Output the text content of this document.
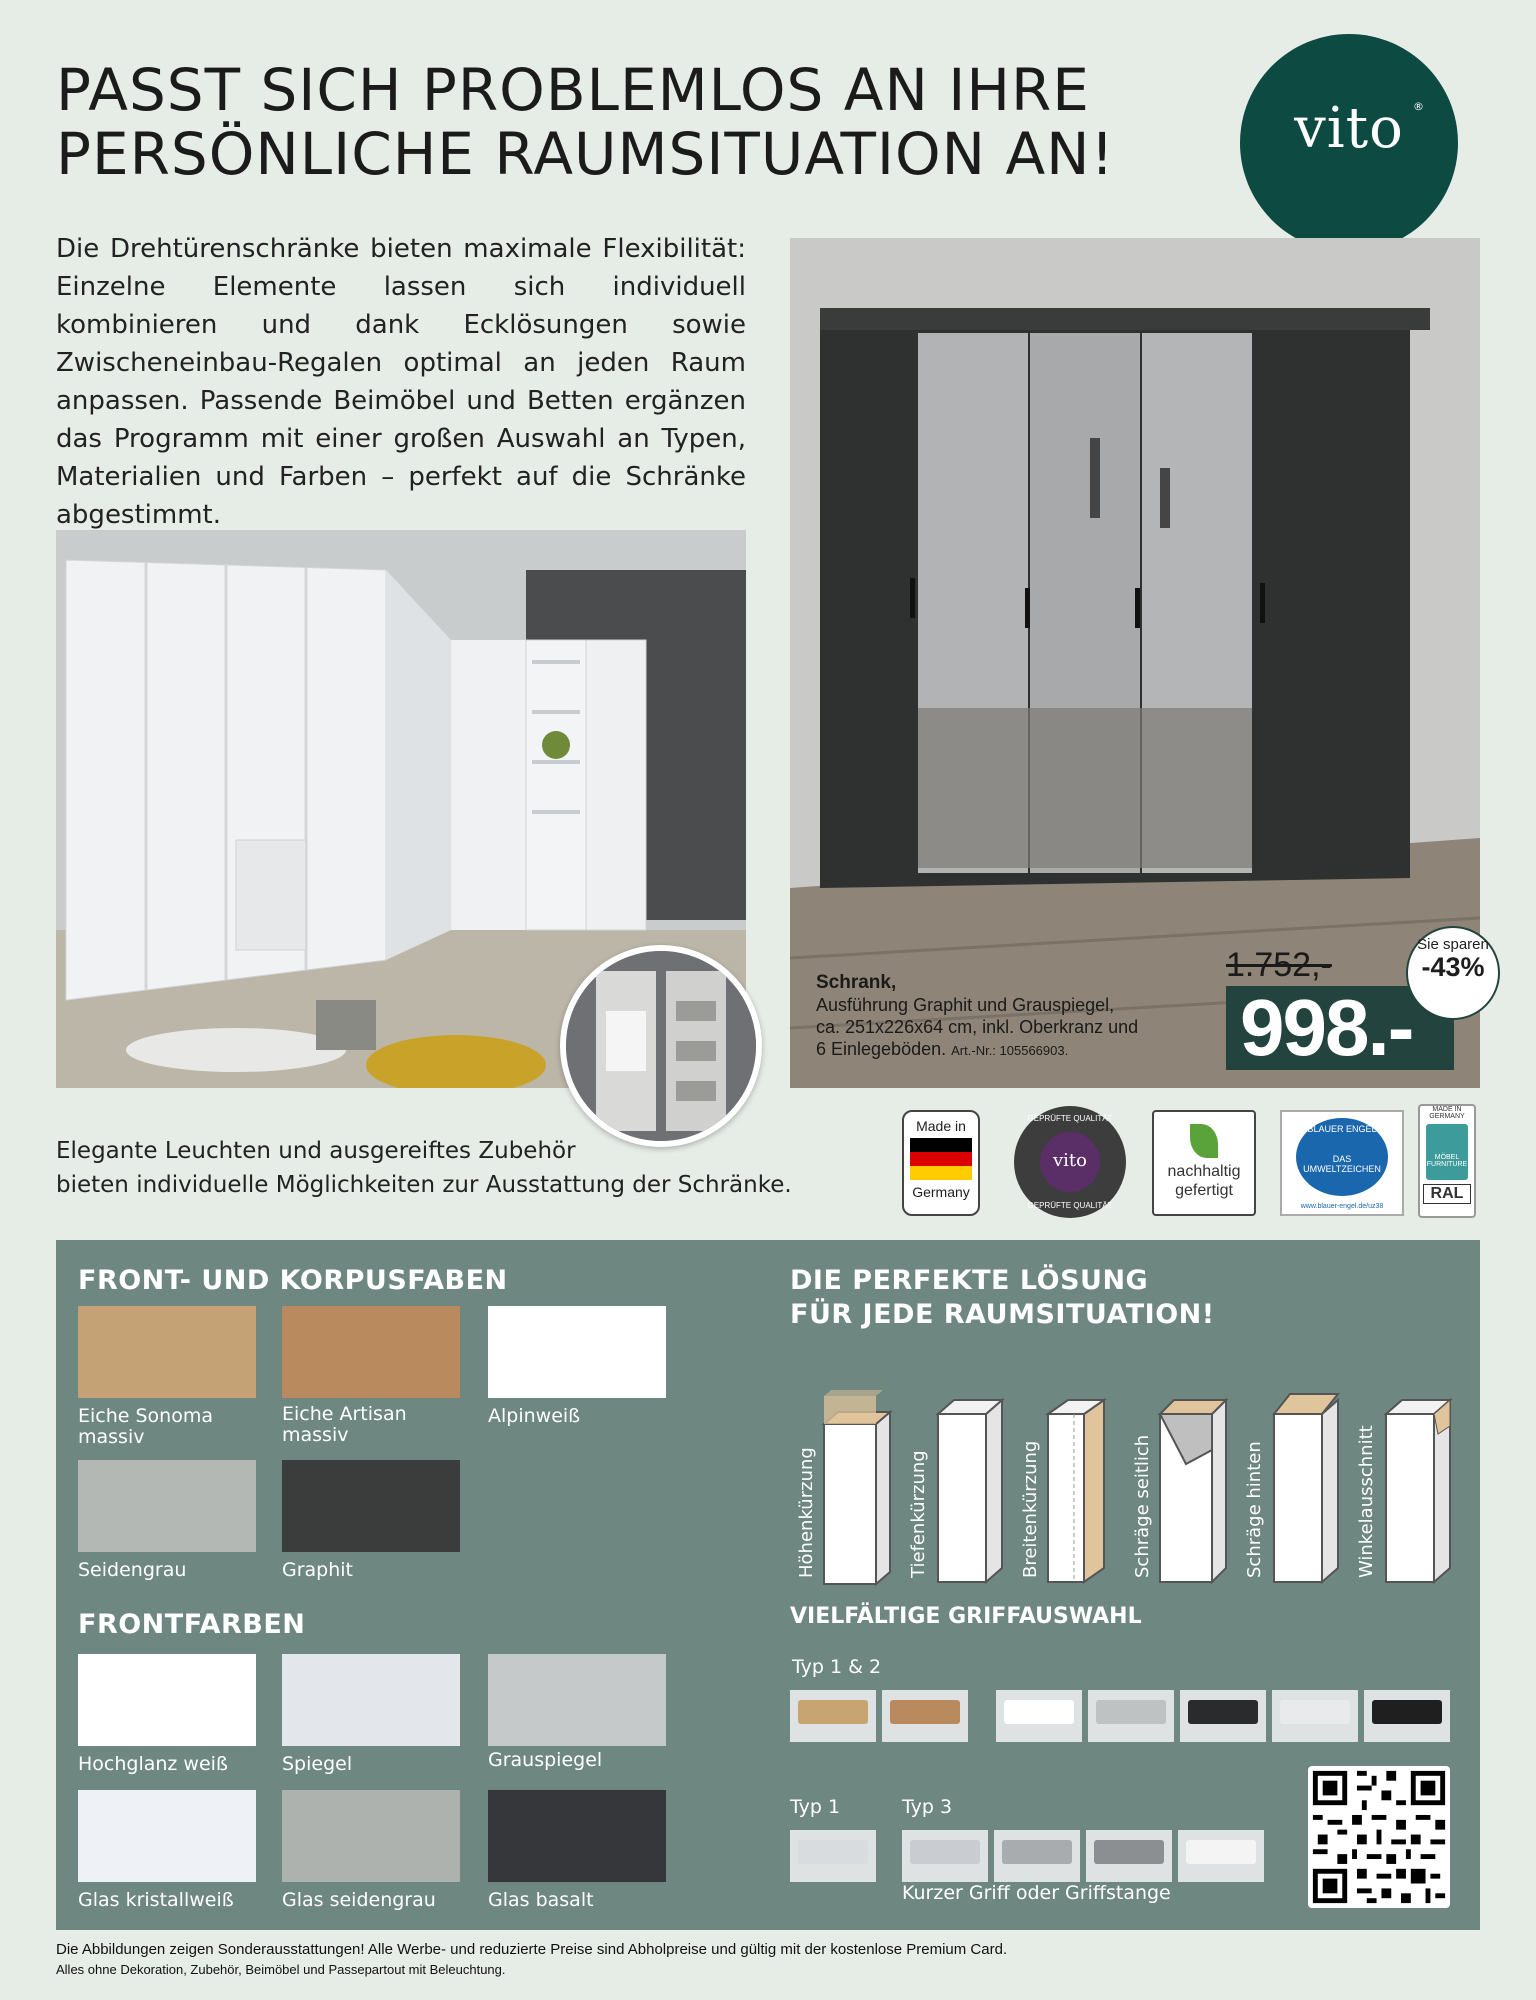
PASST SICH PROBLEMLOS AN IHRE
PERSÖNLICHE RAUMSITUATION AN!	vito ®

Die Drehtürenschränke bieten maximale Flexibilität: Einzelne Elemente lassen sich individuell kombinieren und dank Ecklösungen sowie Zwischeneinbau-Regalen optimal an jeden Raum anpassen. Passende Beimöbel und Betten ergänzen das Programm mit einer großen Auswahl an Typen, Materialien und Farben – perfekt auf die Schränke abgestimmt.

Elegante Leuchten und ausgereiftes Zubehör
bieten individuelle Möglichkeiten zur Ausstattung der Schränke.

Schrank,
Ausführung Graphit und Grauspiegel,
ca. 251x226x64 cm, inkl. Oberkranz und
6 Einlegeböden. Art.-Nr.: 105566903.
1.752,-
998.-
Sie sparen
-43%
Made in
Germany
GEPRÜFTE QUALITÄT
vito
GEPRÜFTE QUALITÄT
nachhaltig
gefertigt
BLAUER ENGEL

DAS UMWELTZEICHEN
www.blauer-engel.de/uz38
MADE IN GERMANY
MÖBEL FURNITURE
RAL
FRONT- UND KORPUSFABEN
Eiche Sonoma
massiv
Eiche Artisan
massiv
Alpinweiß
Seidengrau	Graphit
FRONTFARBEN
Hochglanz weiß	Spiegel	Grauspiegel
Glas kristallweiß	Glas seidengrau	Glas basalt
DIE PERFEKTE LÖSUNG
FÜR JEDE RAUMSITUATION!
VIELFÄLTIGE GRIFFAUSWAHL
Typ 1 & 2
Typ 1	Typ 3
Kurzer Griff oder Griffstange
Höhenkürzung	Tiefenkürzung	Breitenkürzung	Schräge seitlich	Schräge hinten	Winkelausschnitt
Die Abbildungen zeigen Sonderausstattungen! Alle Werbe- und reduzierte Preise sind Abholpreise und gültig mit der kostenlose Premium Card.
Alles ohne Dekoration, Zubehör, Beimöbel und Passepartout mit Beleuchtung.
